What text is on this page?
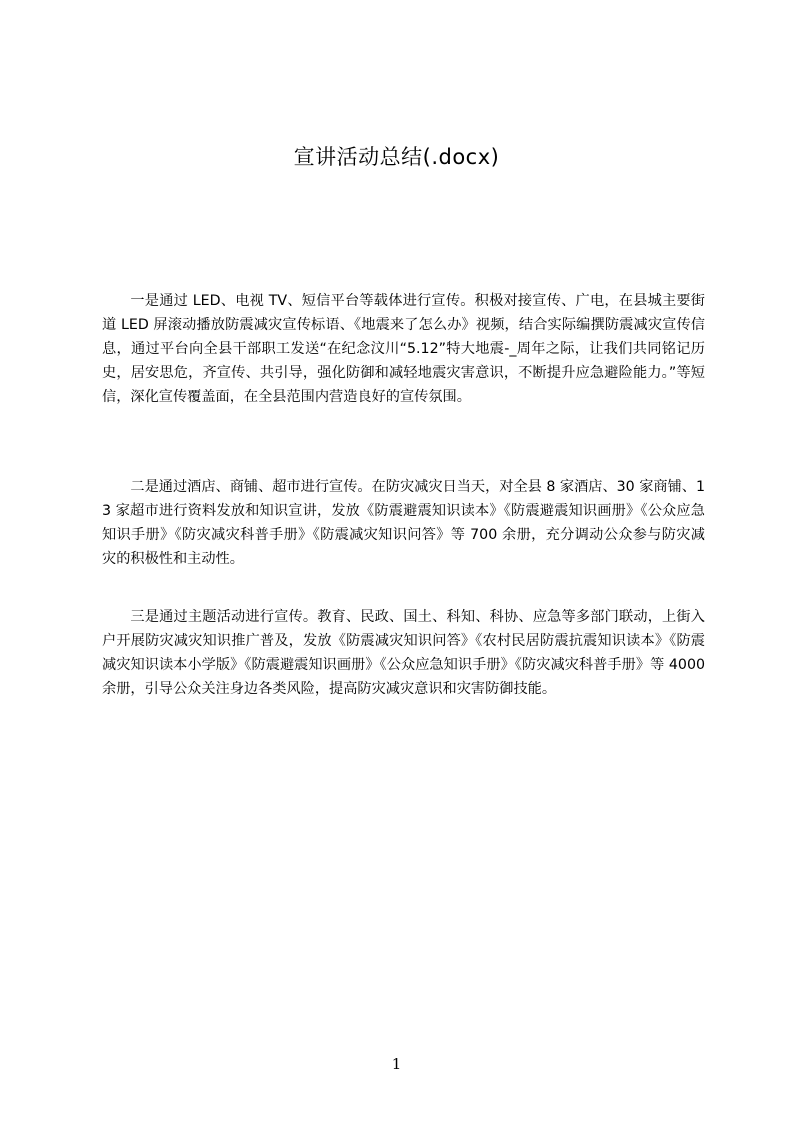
宣讲活动总结(.docx)

一是通过 LED、电视 TV、短信平台等载体进行宣传。积极对接宣传、广电，在县城主要街道 LED 屏滚动播放防震减灾宣传标语、《地震来了怎么办》视频，结合实际编撰防震减灾宣传信息，通过平台向全县干部职工发送“在纪念汶川“5.12”特大地震-_周年之际，让我们共同铭记历史，居安思危，齐宣传、共引导，强化防御和减轻地震灾害意识，不断提升应急避险能力。”等短信，深化宣传覆盖面，在全县范围内营造良好的宣传氛围。

二是通过酒店、商铺、超市进行宣传。在防灾减灾日当天，对全县 8 家酒店、30 家商铺、13 家超市进行资料发放和知识宣讲，发放《防震避震知识读本》《防震避震知识画册》《公众应急知识手册》《防灾减灾科普手册》《防震减灾知识问答》等 700 余册，充分调动公众参与防灾减灾的积极性和主动性。

三是通过主题活动进行宣传。教育、民政、国土、科知、科协、应急等多部门联动，上街入户开展防灾减灾知识推广普及，发放《防震减灾知识问答》《农村民居防震抗震知识读本》《防震减灾知识读本小学版》《防震避震知识画册》《公众应急知识手册》《防灾减灾科普手册》等 4000 余册，引导公众关注身边各类风险，提高防灾减灾意识和灾害防御技能。

1
